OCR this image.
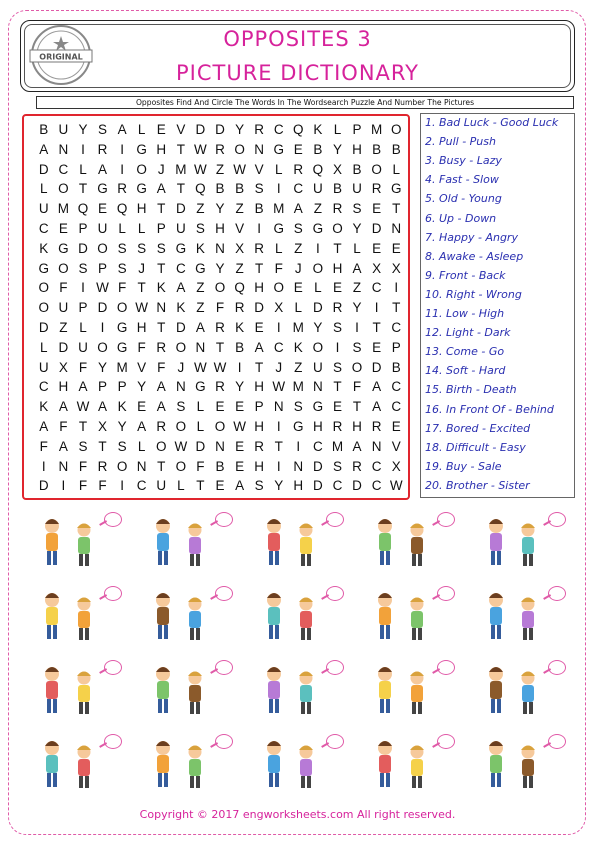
OPPOSITES 3
PICTURE DICTIONARY
ORIGINAL
Opposites Find And Circle The Words In The Wordsearch Puzzle And Number The Pictures
B U Y S A L E V D D Y R C Q K L P M O
A N I R I G H T W R O N G E B Y H B B
D C L A I O J M W Z W V L R Q X B O L
L O T G R G A T Q B B S I C U B U R G
U M Q E Q H T D Z Y Z B M A Z R S E T
C E P U L L P U S H V I G S G O Y D N
K G D O S S S G K N X R L Z	I	T L E E
G O S P S J T C G Y Z T F J O H A X X
O F	I W F T K A Z O Q H O E L E Z C I
O U P D O W N K Z F R D X L D R Y I	T
D Z L	I G H T D A R K E I M Y S I	T C
L D U O G F R O N T B A C K O I S E P
U X F Y M V F J W W I	T J Z U S O D B
C H A P P Y A N G R Y H W M N T F A C
K A W A K E A S L E E P N S G E T A C
A F T X Y A R O L O W H I G H R H R E
F A S T S L O W D N E R T	I C M A N V
I N F R O N T O F B E H I N D S R C X
D I	F F	I C U L T E A S Y H D C D C W
1. Bad Luck - Good Luck
2. Pull - Push
3. Busy - Lazy
4. Fast - Slow
5. Old - Young
6. Up - Down
7. Happy - Angry
8. Awake - Asleep
9. Front - Back
10. Right - Wrong
11. Low - High
12. Light - Dark
13. Come - Go
14. Soft - Hard
15. Birth - Death
16. In Front Of - Behind
17. Bored - Excited
18. Difficult - Easy
19. Buy - Sale
20. Brother - Sister
Copyright © 2017 engworksheets.com All right reserved.
